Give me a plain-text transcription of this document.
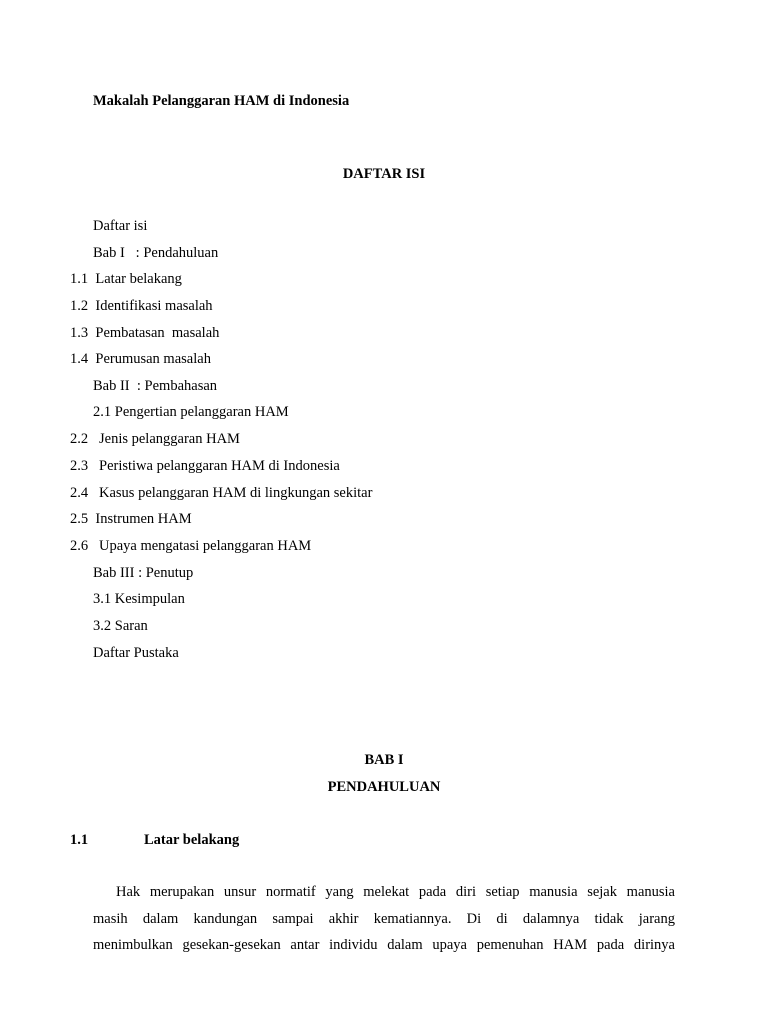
Makalah Pelanggaran HAM di Indonesia
DAFTAR ISI
Daftar isi
Bab I   : Pendahuluan
1.1  Latar belakang
1.2  Identifikasi masalah
1.3  Pembatasan  masalah
1.4  Perumusan masalah
Bab II  : Pembahasan
2.1 Pengertian pelanggaran HAM
2.2   Jenis pelanggaran HAM
2.3   Peristiwa pelanggaran HAM di Indonesia
2.4   Kasus pelanggaran HAM di lingkungan sekitar
2.5  Instrumen HAM
2.6   Upaya mengatasi pelanggaran HAM
Bab III : Penutup
3.1 Kesimpulan
3.2 Saran
Daftar Pustaka
BAB I
PENDAHULUAN
1.1	Latar belakang
Hak merupakan unsur normatif yang melekat pada diri setiap manusia sejak manusia
masih dalam kandungan sampai akhir kematiannya. Di di dalamnya tidak jarang
menimbulkan gesekan-gesekan antar individu dalam upaya pemenuhan HAM pada dirinya
